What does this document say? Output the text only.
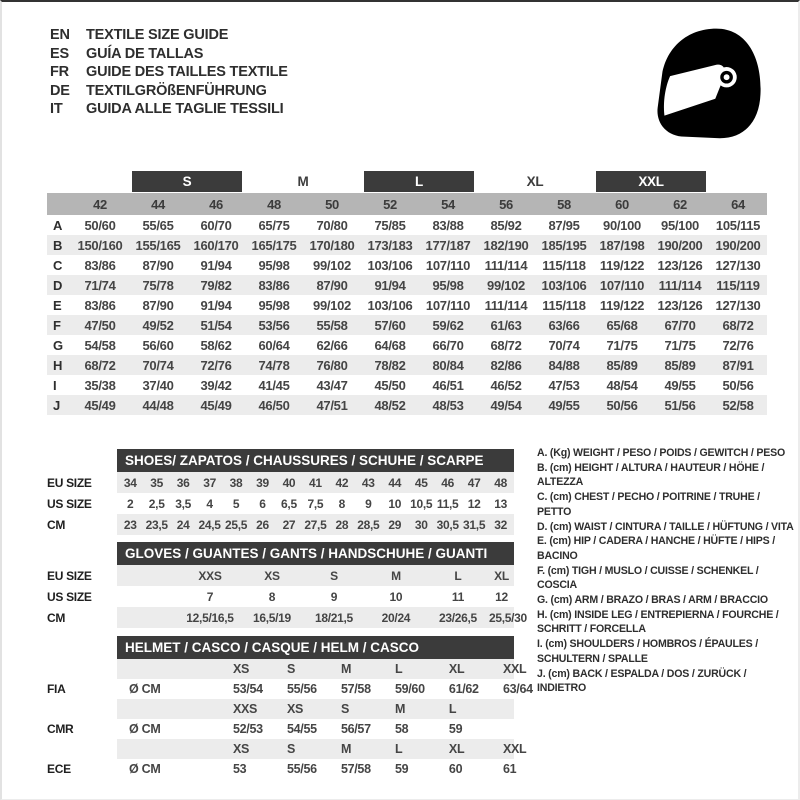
EN	TEXTILE SIZE GUIDE
ES	GUÍA DE TALLAS
FR	GUIDE DES TAILLES TEXTILE
DE	TEXTILGRÖßENFÜHRUNG
IT	GUIDA ALLE TAGLIE TESSILI

		S		M		L		XL		XXL		

	42	44	46	48	50	52	54	56	58	60	62	64
A	50/60	55/65	60/70	65/75	70/80	75/85	83/88	85/92	87/95	90/100	95/100	105/115
B	150/160	155/165	160/170	165/175	170/180	173/183	177/187	182/190	185/195	187/198	190/200	190/200
C	83/86	87/90	91/94	95/98	99/102	103/106	107/110	111/114	115/118	119/122	123/126	127/130
D	71/74	75/78	79/82	83/86	87/90	91/94	95/98	99/102	103/106	107/110	111/114	115/119
E	83/86	87/90	91/94	95/98	99/102	103/106	107/110	111/114	115/118	119/122	123/126	127/130
F	47/50	49/52	51/54	53/56	55/58	57/60	59/62	61/63	63/66	65/68	67/70	68/72
G	54/58	56/60	58/62	60/64	62/66	64/68	66/70	68/72	70/74	71/75	71/75	72/76
H	68/72	70/74	72/76	74/78	76/80	78/82	80/84	82/86	84/88	85/89	85/89	87/91
I	35/38	37/40	39/42	41/45	43/47	45/50	46/51	46/52	47/53	48/54	49/55	50/56
J	45/49	44/48	45/49	46/50	47/51	48/52	48/53	49/54	49/55	50/56	51/56	52/58
	SHOES/ ZAPATOS / CHAUSSURES / SCHUHE / SCARPE														
EU SIZE	34	35	36	37	38	39	40	41	42	43	44	45	46	47	48
US SIZE	2	2,5	3,5	4	5	6	6,5	7,5	8	9	10	10,5	11,5	12	13
CM	23	23,5	24	24,5	25,5	26	27	27,5	28	28,5	29	30	30,5	31,5	32
	GLOVES / GUANTES / GANTS / HANDSCHUHE / GUANTI						
EU SIZE		XXS	XS	S	M	L	XL
US SIZE		7	8	9	10	11	12
CM		12,5/16,5	16,5/19	18/21,5	20/24	23/26,5	25,5/30
	HELMET / CASCO / CASQUE / HELM / CASCO							
			XS	S	M	L	XL	XXL
FIA	Ø CM		53/54	55/56	57/58	59/60	61/62	63/64
			XXS	XS	S	M	L	
CMR	Ø CM		52/53	54/55	56/57	58	59	
			XS	S	M	L	XL	XXL
ECE	Ø CM		53	55/56	57/58	59	60	61
A. (Kg) WEIGHT / PESO / POIDS / GEWITCH / PESO
B. (cm) HEIGHT / ALTURA / HAUTEUR / HÖHE / ALTEZZA
C. (cm) CHEST / PECHO / POITRINE / TRUHE / PETTO
D. (cm) WAIST / CINTURA / TAILLE / HÜFTUNG / VITA
E. (cm) HIP / CADERA / HANCHE / HÜFTE / HIPS / BACINO
F. (cm) TIGH / MUSLO / CUISSE / SCHENKEL / COSCIA
G. (cm) ARM / BRAZO / BRAS / ARM / BRACCIO
H. (cm) INSIDE LEG / ENTREPIERNA / FOURCHE / SCHRITT / FORCELLA
I. (cm) SHOULDERS / HOMBROS / ÉPAULES / SCHULTERN / SPALLE
J. (cm) BACK / ESPALDA / DOS / ZURÜCK / INDIETRO
